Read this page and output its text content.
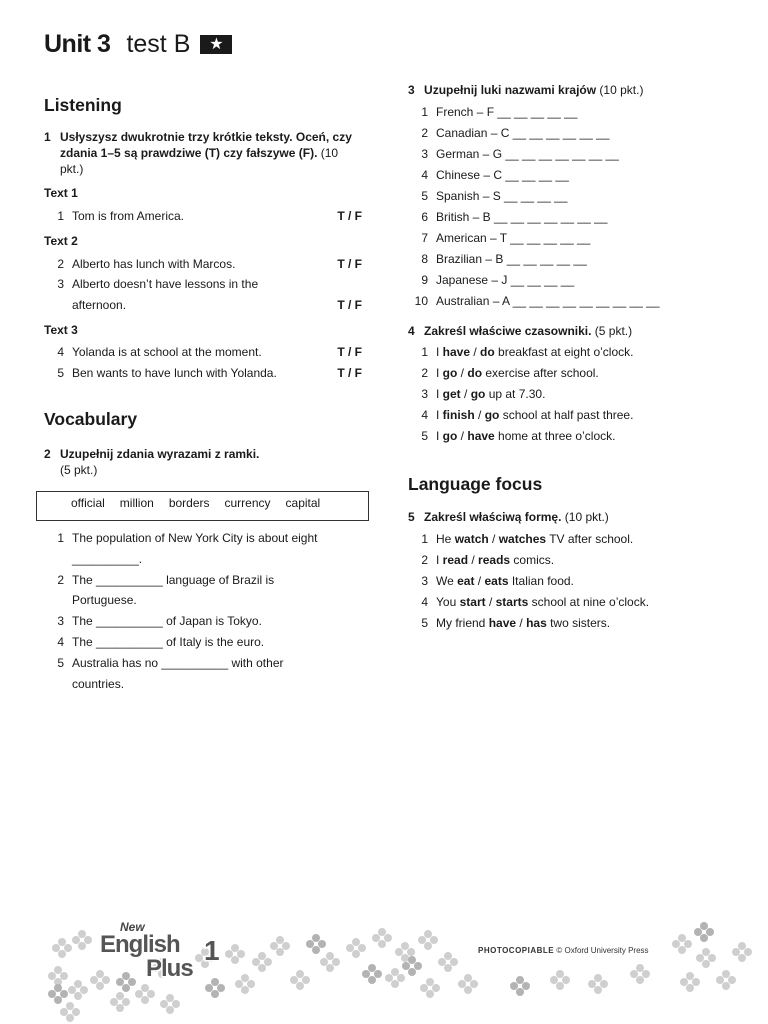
Unit 3 test B ★
Listening
1 Usłyszysz dwukrotnie trzy krótkie teksty. Oceń, czy zdania 1–5 są prawdziwe (T) czy fałszywe (F). (10 pkt.)
Text 1
1 Tom is from America.	T / F
Text 2
2 Alberto has lunch with Marcos.	T / F
3 Alberto doesn’t have lessons in the
afternoon.	T / F
Text 3
4 Yolanda is at school at the moment.	T / F
5 Ben wants to have lunch with Yolanda.	T / F
Vocabulary
2 Uzupełnij zdania wyrazami z ramki.
(5 pkt.)
official million borders currency capital
1 The population of New York City is about eight
__________.
2 The __________ language of Brazil is
Portuguese.
3 The __________ of Japan is Tokyo.
4 The __________ of Italy is the euro.
5 Australia has no __________ with other
countries.
3 Uzupełnij luki nazwami krajów (10 pkt.)
1 French – F __ __ __ __ __
2 Canadian – C __ __ __ __ __ __
3 German – G __ __ __ __ __ __ __
4 Chinese – C __ __ __ __
5 Spanish – S __ __ __ __
6 British – B __ __ __ __ __ __ __
7 American – T __ __ __ __ __
8 Brazilian – B __ __ __ __ __
9 Japanese – J __ __ __ __
10 Australian – A __ __ __ __ __ __ __ __ __
4 Zakreśl właściwe czasowniki. (5 pkt.)
1 I have / do breakfast at eight o’clock.
2 I go / do exercise after school.
3 I get / go up at 7.30.
4 I finish / go school at half past three.
5 I go / have home at three o’clock.
Language focus
5 Zakreśl właściwą formę. (10 pkt.)
1 He watch / watches TV after school.
2 I read / reads comics.
3 We eat / eats Italian food.
4 You start / starts school at nine o’clock.
5 My friend have / has two sisters.
New
English
Plus
1	PHOTOCOPIABLE © Oxford University Press
